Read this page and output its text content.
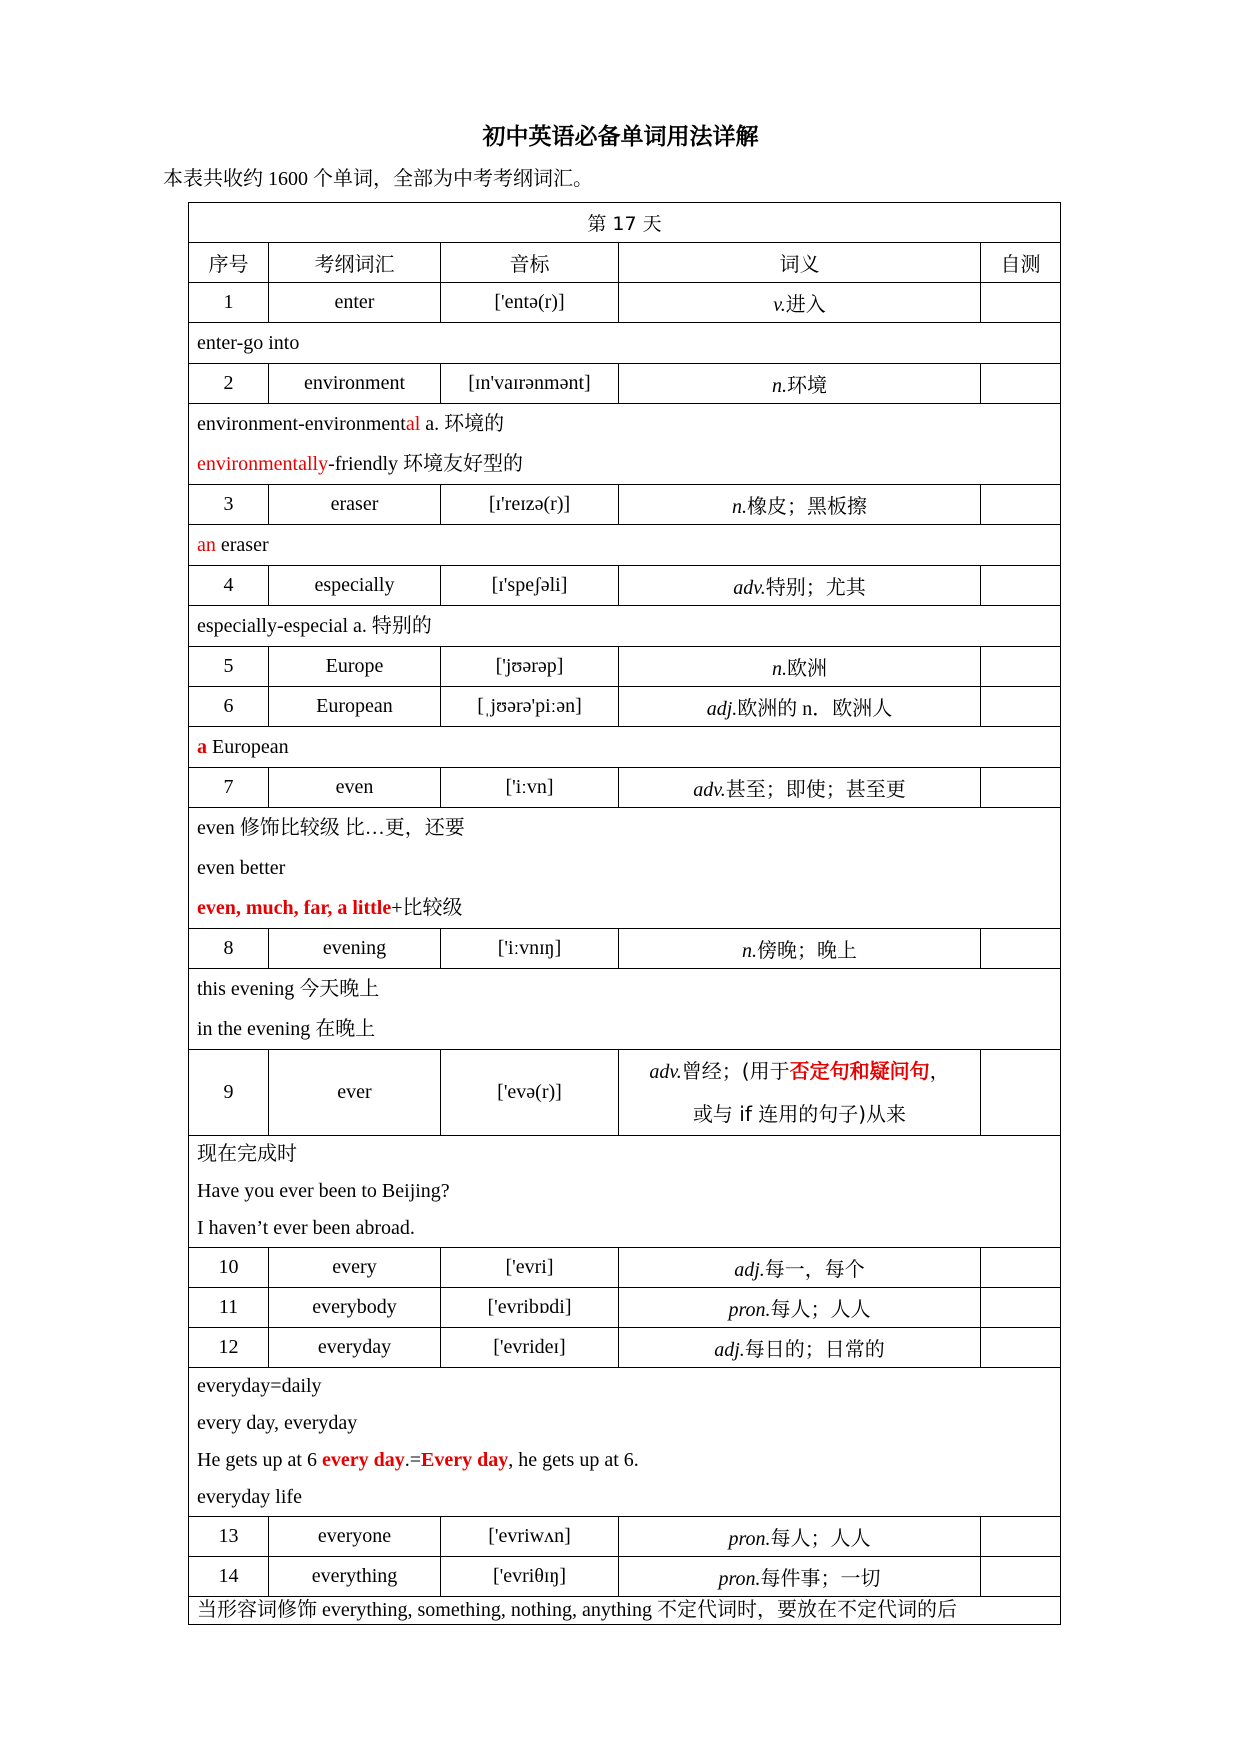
初中英语必备单词用法详解
本表共收约 1600 个单词，全部为中考考纲词汇。
第 17 天				
序号	考纲词汇	音标	词义	自测
1	enter	['entə(r)]	v.进入	
enter-go into				
2	environment	[ɪn'vaɪrənmənt]	n.环境	

environment-environmental a. 环境的
environmentally-friendly 环境友好型的				

3	eraser	[ɪ'reɪzə(r)]	n.橡皮；黑板擦	
an eraser				
4	especially	[ɪ'speʃəli]	adv.特别；尤其	
especially-especial a. 特别的				
5	Europe	['jʊərəp]	n.欧洲	
6	European	[ˌjʊərə'piːən]	adj.欧洲的 n．欧洲人	
a European				
7	even	['iːvn]	adv.甚至；即使；甚至更	

even 修饰比较级 比…更，还要
even better
even, much, far, a little+比较级				

8	evening	['iːvnɪŋ]	n.傍晚；晚上	

this evening 今天晚上
in the evening 在晚上				

9	ever	['evə(r)]	adv.曾经；(用于否定句和疑问句，
或与 if 连用的句子)从来	

现在完成时
Have you ever been to Beijing?
I haven’t ever been abroad.				

10	every	['evri]	adj.每一，每个	
11	everybody	['evribɒdi]	pron.每人；人人	
12	everyday	['evrideɪ]	adj.每日的；日常的	

everyday=daily
every day, everyday
He gets up at 6 every day.=Every day, he gets up at 6.
everyday life				

13	everyone	['evriwʌn]	pron.每人；人人	
14	everything	['evriθɪŋ]	pron.每件事；一切	
当形容词修饰 everything, something, nothing, anything 不定代词时，要放在不定代词的后				
